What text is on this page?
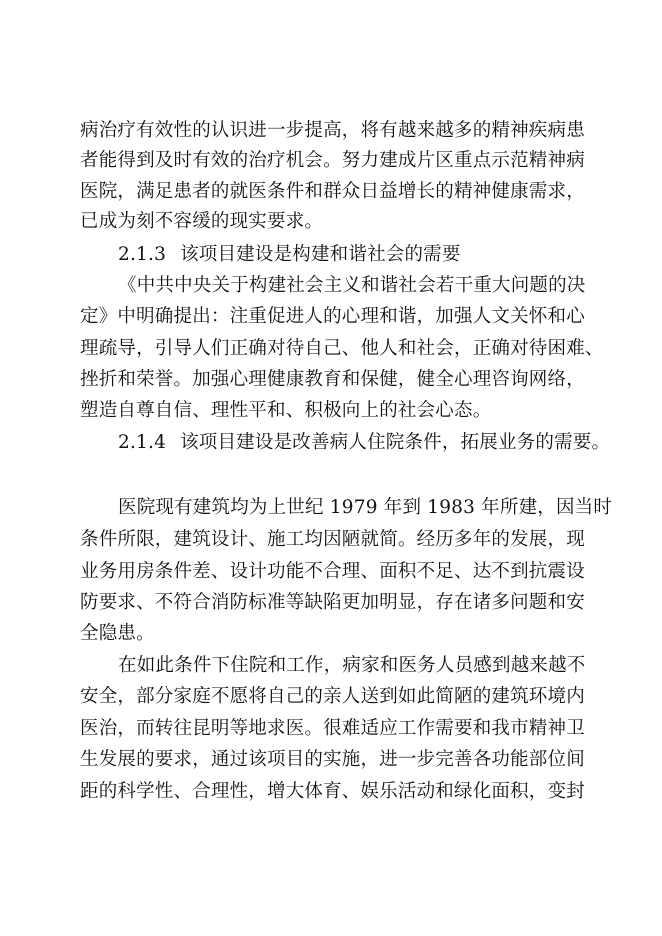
病治疗有效性的认识进一步提高，将有越来越多的精神疾病患
者能得到及时有效的治疗机会。努力建成片区重点示范精神病
医院，满足患者的就医条件和群众日益增长的精神健康需求，
已成为刻不容缓的现实要求。
2.1.3 该项目建设是构建和谐社会的需要
《中共中央关于构建社会主义和谐社会若干重大问题的决
定》中明确提出：注重促进人的心理和谐，加强人文关怀和心
理疏导，引导人们正确对待自己、他人和社会，正确对待困难、
挫折和荣誉。加强心理健康教育和保健，健全心理咨询网络，
塑造自尊自信、理性平和、积极向上的社会心态。
2.1.4 该项目建设是改善病人住院条件，拓展业务的需要。
医院现有建筑均为上世纪 1979 年到 1983 年所建，因当时
条件所限，建筑设计、施工均因陋就简。经历多年的发展，现
业务用房条件差、设计功能不合理、面积不足、达不到抗震设
防要求、不符合消防标准等缺陷更加明显，存在诸多问题和安
全隐患。
在如此条件下住院和工作，病家和医务人员感到越来越不
安全，部分家庭不愿将自己的亲人送到如此简陋的建筑环境内
医治，而转往昆明等地求医。很难适应工作需要和我市精神卫
生发展的要求，通过该项目的实施，进一步完善各功能部位间
距的科学性、合理性，增大体育、娱乐活动和绿化面积，变封
